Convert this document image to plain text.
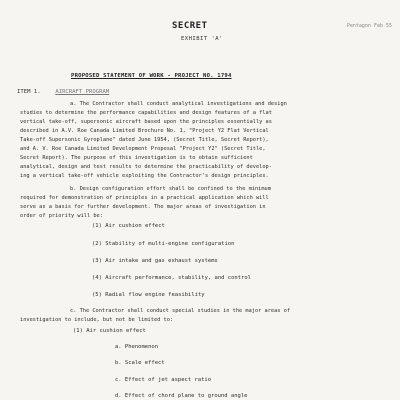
SECRET	Pentagon Feb 55
EXHIBIT 'A'
PROPOSED STATEMENT OF WORK - PROJECT NO. 1794
ITEM 1.	AIRCRAFT PROGRAM
a. The Contractor shall conduct analytical investigations and design
studies to determine the performance capabilities and design features of a flat
vertical take-off, supersonic aircraft based upon the principles essentially as
described in A.V. Roe Canada Limited Brochure No. 1, "Project Y2 Flat Vertical
Take-off Supersonic Gyroplane" dated June 1954, (Secret Title, Secret Report),
and A. V. Roe Canada Limited Development Proposal "Project Y2" (Secret Title,
Secret Report). The purpose of this investigation is to obtain sufficient
analytical, design and test results to determine the practicability of develop-
ing a vertical take-off vehicle exploiting the Contractor's design principles.
b. Design configuration effort shall be confined to the minimum
required for demonstration of principles in a practical application which will
serve as a basis for further development. The major areas of investigation in
order of priority will be:
(1) Air cushion effect
(2) Stability of multi-engine configuration
(3) Air intake and gas exhaust systems
(4) Aircraft performance, stability, and control
(5) Radial flow engine feasibility
c. The Contractor shall conduct special studies in the major areas of
investigation to include, but not be limited to:
(1) Air cushion effect
a. Phenomenon
b. Scale effect
c. Effect of jet aspect ratio
d. Effect of chord plane to ground angle
